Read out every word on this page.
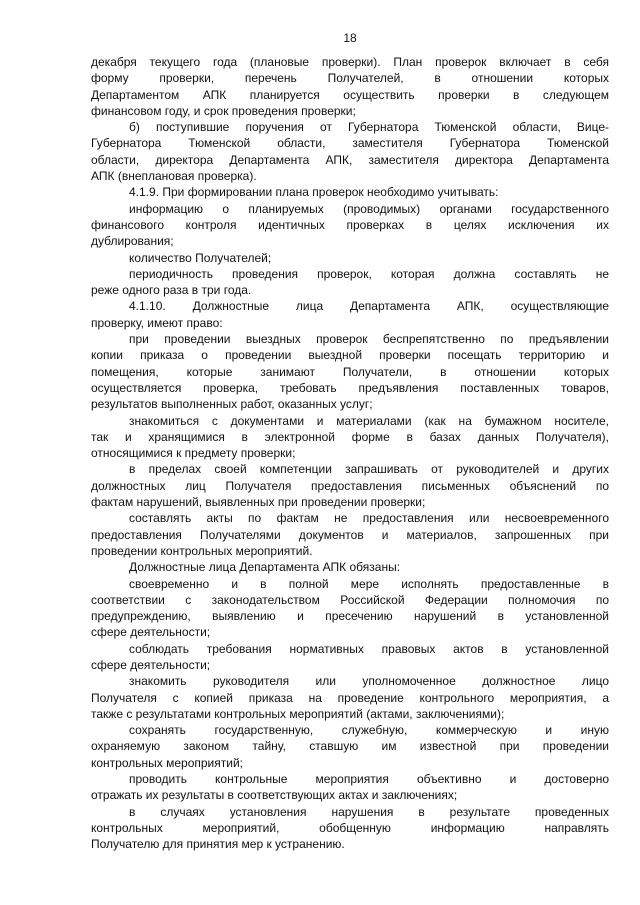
18
декабря текущего года (плановые проверки). План проверок включает в себя
форму проверки, перечень Получателей, в отношении которых
Департаментом АПК планируется осуществить проверки в следующем
финансовом году, и срок проведения проверки;
б) поступившие поручения от Губернатора Тюменской области, Вице-
Губернатора Тюменской области, заместителя Губернатора Тюменской
области, директора Департамента АПК, заместителя директора Департамента
АПК (внеплановая проверка).
4.1.9. При формировании плана проверок необходимо учитывать:
информацию о планируемых (проводимых) органами государственного
финансового контроля идентичных проверках в целях исключения их
дублирования;
количество Получателей;
периодичность проведения проверок, которая должна составлять не
реже одного раза в три года.
4.1.10. Должностные лица Департамента АПК, осуществляющие
проверку, имеют право:
при проведении выездных проверок беспрепятственно по предъявлении
копии приказа о проведении выездной проверки посещать территорию и
помещения, которые занимают Получатели, в отношении которых
осуществляется проверка, требовать предъявления поставленных товаров,
результатов выполненных работ, оказанных услуг;
знакомиться с документами и материалами (как на бумажном носителе,
так и хранящимися в электронной форме в базах данных Получателя),
относящимися к предмету проверки;
в пределах своей компетенции запрашивать от руководителей и других
должностных лиц Получателя предоставления письменных объяснений по
фактам нарушений, выявленных при проведении проверки;
составлять акты по фактам не предоставления или несвоевременного
предоставления Получателями документов и материалов, запрошенных при
проведении контрольных мероприятий.
Должностные лица Департамента АПК обязаны:
своевременно и в полной мере исполнять предоставленные в
соответствии с законодательством Российской Федерации полномочия по
предупреждению, выявлению и пресечению нарушений в установленной
сфере деятельности;
соблюдать требования нормативных правовых актов в установленной
сфере деятельности;
знакомить руководителя или уполномоченное должностное лицо
Получателя с копией приказа на проведение контрольного мероприятия, а
также с результатами контрольных мероприятий (актами, заключениями);
сохранять государственную, служебную, коммерческую и иную
охраняемую законом тайну, ставшую им известной при проведении
контрольных мероприятий;
проводить контрольные мероприятия объективно и достоверно
отражать их результаты в соответствующих актах и заключениях;
в случаях установления нарушения в результате проведенных
контрольных мероприятий, обобщенную информацию направлять
Получателю для принятия мер к устранению.
